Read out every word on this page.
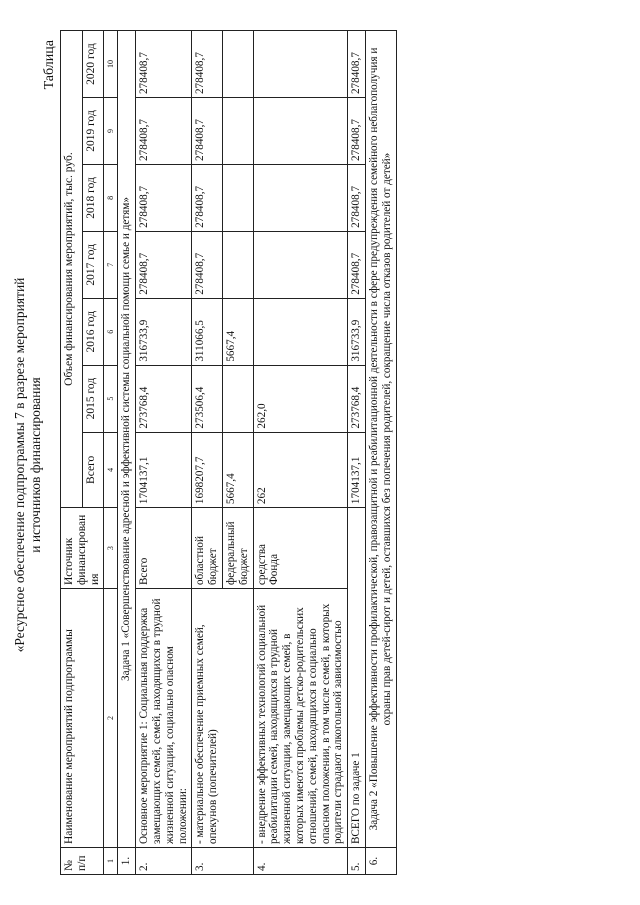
«Ресурсное обеспечение подпрограммы 7 в разрезе мероприятий и источников финансирования
Таблица
№ п/п	Наименование мероприятий подпрограммы	Источник финансирования	Объем финансирования мероприятий, тыс. руб.						
			Всего	2015 год	2016 год	2017 год	2018 год	2019 год	2020 год
1	2	3	4	5	6	7	8	9	10
1.	Задача 1 «Совершенствование адресной и эффективной системы социальной помощи семье и детям»								
2.	Основное мероприятие 1: Социальная поддержка замещающих семей, семей, находящихся в трудной жизненной ситуации, социально опасном положении:	Всего	1704137,1	273768,4	316733,9	278408,7	278408,7	278408,7	278408,7
3.	- материальное обеспечение приемных семей, опекунов (попечителей)	областной бюджет	1698207,7	273506,4	311066,5	278408,7	278408,7	278408,7	278408,7
		федеральный бюджет	5667,4		5667,4				
4.	- внедрение эффективных технологий социальной реабилитации семей, находящихся в трудной жизненной ситуации, замещающих семей, в которых имеются проблемы детско-родительских отношений, семей, находящихся в социально опасном положении, в том числе семей, в которых родители страдают алкогольной зависимостью	средства Фонда	262	262,0					
5.	ВСЕГО по задаче 1		1704137,1	273768,4	316733,9	278408,7	278408,7	278408,7	278408,7
6.	Задача 2 «Повышение эффективности профилактической, правозащитной и реабилитационной деятельности в сфере предупреждения семейного неблагополучия и охраны прав детей-сирот и детей, оставшихся без попечения родителей, сокращение числа отказов родителей от детей»								
